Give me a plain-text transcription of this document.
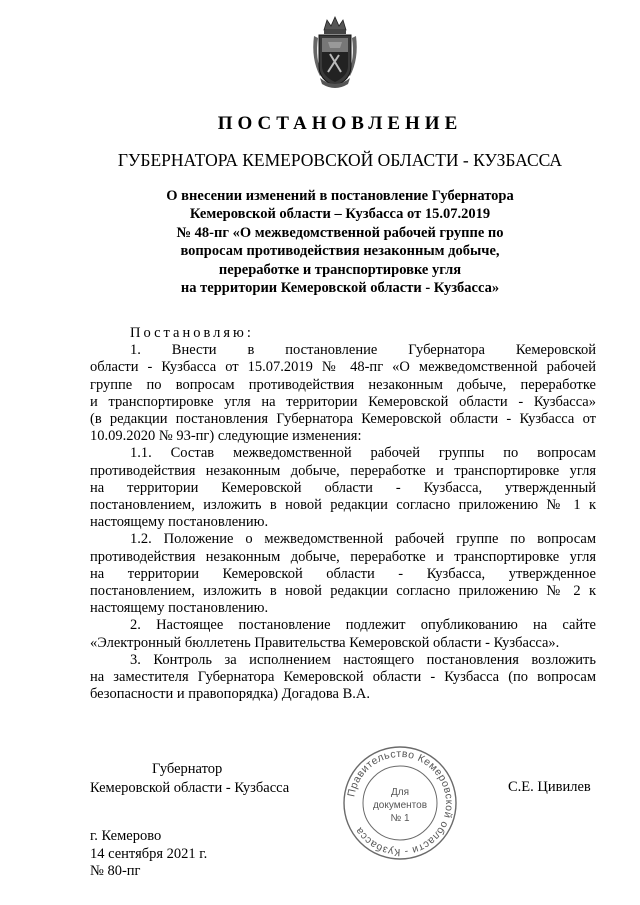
ПОСТАНОВЛЕНИЕ
ГУБЕРНАТОРА КЕМЕРОВСКОЙ ОБЛАСТИ - КУЗБАССА
О внесении изменений в постановление Губернатора
Кемеровской области – Кузбасса от 15.07.2019
№ 48-пг «О межведомственной рабочей группе по
вопросам противодействия незаконным добыче,
переработке и транспортировке угля
на территории Кемеровской области - Кузбасса»

Постановляю:

1. Внести в постановление Губернатора Кемеровской

области - Кузбасса от 15.07.2019 № 48-пг «О межведомственной рабочей

группе по вопросам противодействия незаконным добыче, переработке

и транспортировке угля на территории Кемеровской области - Кузбасса»

(в редакции постановления Губернатора Кемеровской области - Кузбасса от

10.09.2020 № 93-пг) следующие изменения:

1.1. Состав межведомственной рабочей группы по вопросам

противодействия незаконным добыче, переработке и транспортировке угля

на территории Кемеровской области - Кузбасса, утвержденный

постановлением, изложить в новой редакции согласно приложению № 1 к

настоящему постановлению.

1.2. Положение о межведомственной рабочей группе по вопросам

противодействия незаконным добыче, переработке и транспортировке угля

на территории Кемеровской области - Кузбасса, утвержденное

постановлением, изложить в новой редакции согласно приложению № 2 к

настоящему постановлению.

2. Настоящее постановление подлежит опубликованию на сайте

«Электронный бюллетень Правительства Кемеровской области - Кузбасса».

3. Контроль за исполнением настоящего постановления возложить

на заместителя Губернатора Кемеровской области - Кузбасса (по вопросам

безопасности и правопорядка) Догадова В.А.

Губернатор
Кемеровской области - Кузбасса	Правительство Кемеровской области - Кузбасса
Для
документов
№ 1
С.Е. Цивилев
г. Кемерово
14 сентября 2021 г.
№ 80-пг
